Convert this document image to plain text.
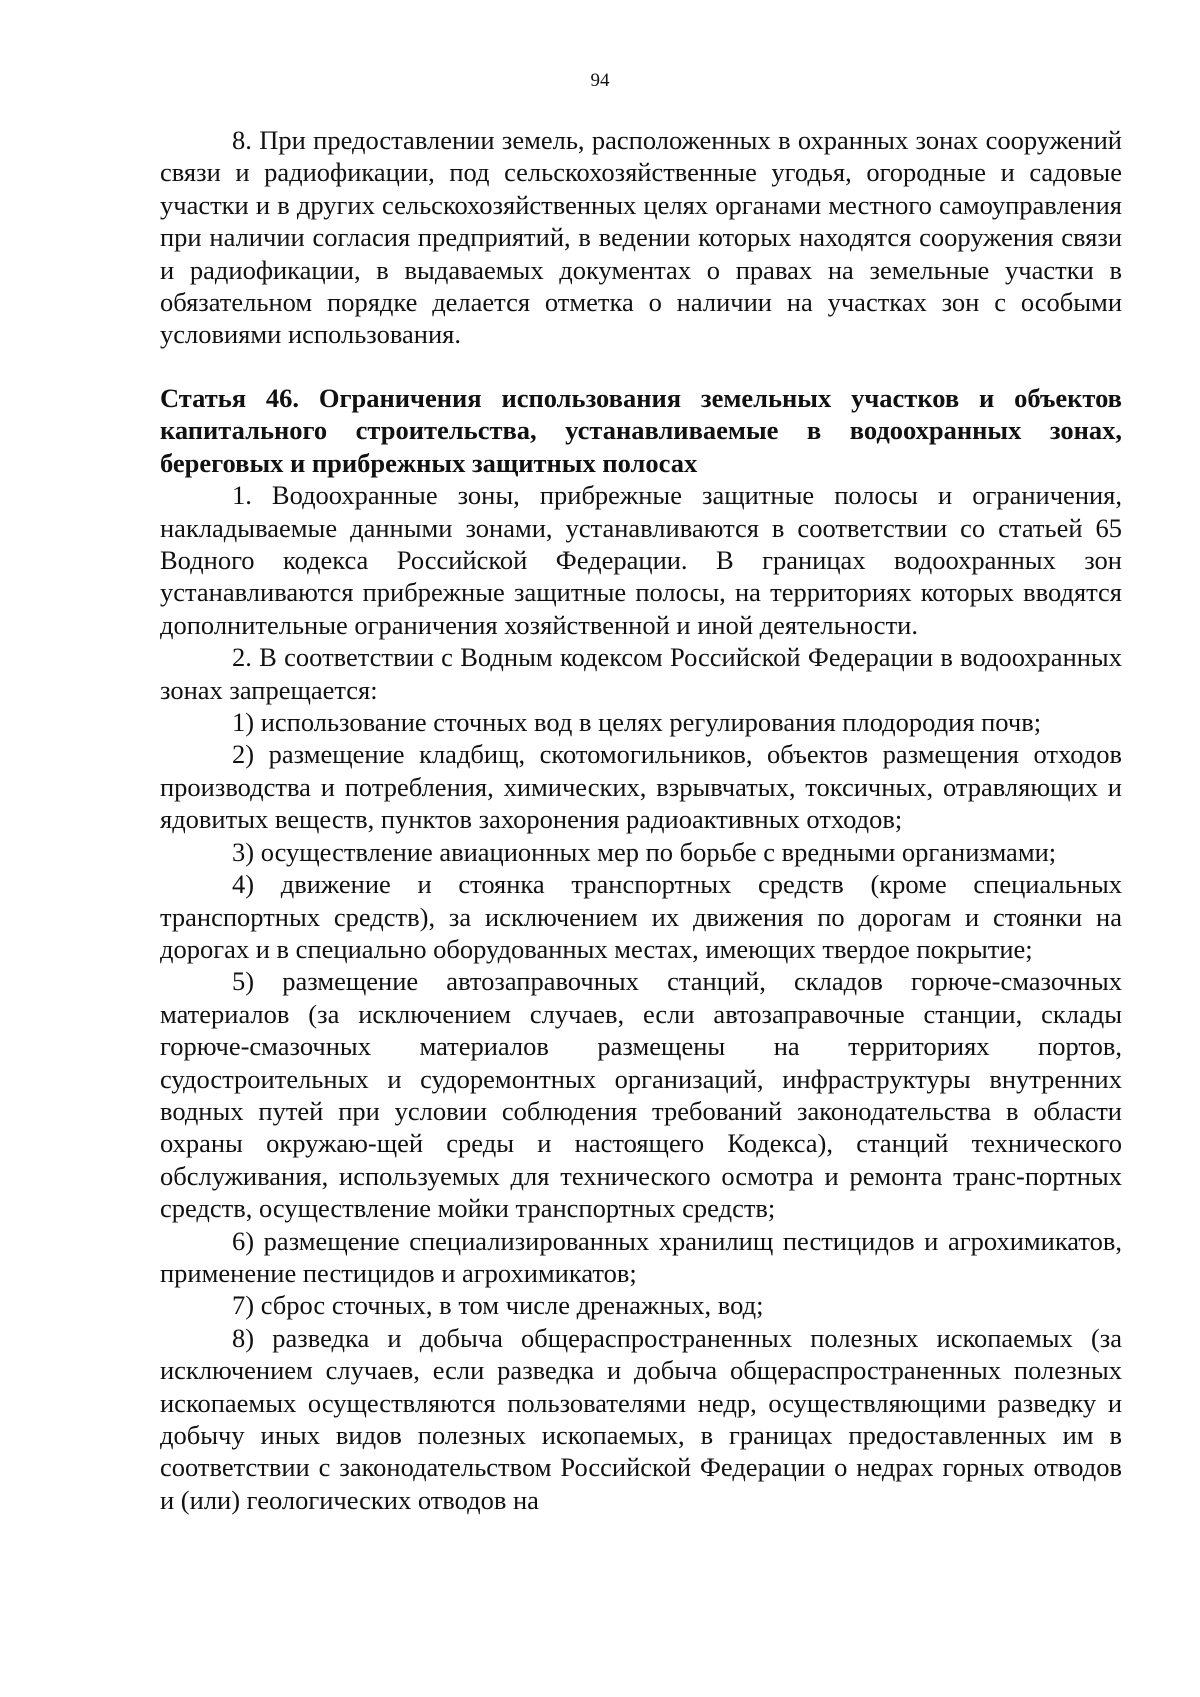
94

8. При предоставлении земель, расположенных в охранных зонах сооружений связи и радиофикации, под сельскохозяйственные угодья, огородные и садовые участки и в других сельскохозяйственных целях органами местного самоуправления при наличии согласия предприятий, в ведении которых находятся сооружения связи и радиофикации, в выдаваемых документах о правах на земельные участки в обязательном порядке делается отметка о наличии на участках зон с особыми условиями использования.

Статья 46. Ограничения использования земельных участков и объектов капитального строительства, устанавливаемые в водоохранных зонах, береговых и прибрежных защитных полосах

1. Водоохранные зоны, прибрежные защитные полосы и ограничения, накладываемые данными зонами, устанавливаются в соответствии со статьей 65 Водного кодекса Российской Федерации. В границах водоохранных зон устанавливаются прибрежные защитные полосы, на территориях которых вводятся дополнительные ограничения хозяйственной и иной деятельности.

2. В соответствии с Водным кодексом Российской Федерации в водоохранных зонах запрещается:

1) использование сточных вод в целях регулирования плодородия почв;

2) размещение кладбищ, скотомогильников, объектов размещения отходов производства и потребления, химических, взрывчатых, токсичных, отравляющих и ядовитых веществ, пунктов захоронения радиоактивных отходов;

3) осуществление авиационных мер по борьбе с вредными организмами;

4) движение и стоянка транспортных средств (кроме специальных транспортных средств), за исключением их движения по дорогам и стоянки на дорогах и в специально оборудованных местах, имеющих твердое покрытие;

5) размещение автозаправочных станций, складов горюче-смазочных материалов (за исключением случаев, если автозаправочные станции, склады горюче-смазочных материалов размещены на территориях портов, судостроительных и судоремонтных организаций, инфраструктуры внутренних водных путей при условии соблюдения требований законодательства в области охраны окружаю-щей среды и настоящего Кодекса), станций технического обслуживания, используемых для технического осмотра и ремонта транс-портных средств, осуществление мойки транспортных средств;

6) размещение специализированных хранилищ пестицидов и агрохимикатов, применение пестицидов и агрохимикатов;

7) сброс сточных, в том числе дренажных, вод;

8) разведка и добыча общераспространенных полезных ископаемых (за исключением случаев, если разведка и добыча общераспространенных полезных ископаемых осуществляются пользователями недр, осуществляющими разведку и добычу иных видов полезных ископаемых, в границах предоставленных им в соответствии с законодательством Российской Федерации о недрах горных отводов и (или) геологических отводов на
